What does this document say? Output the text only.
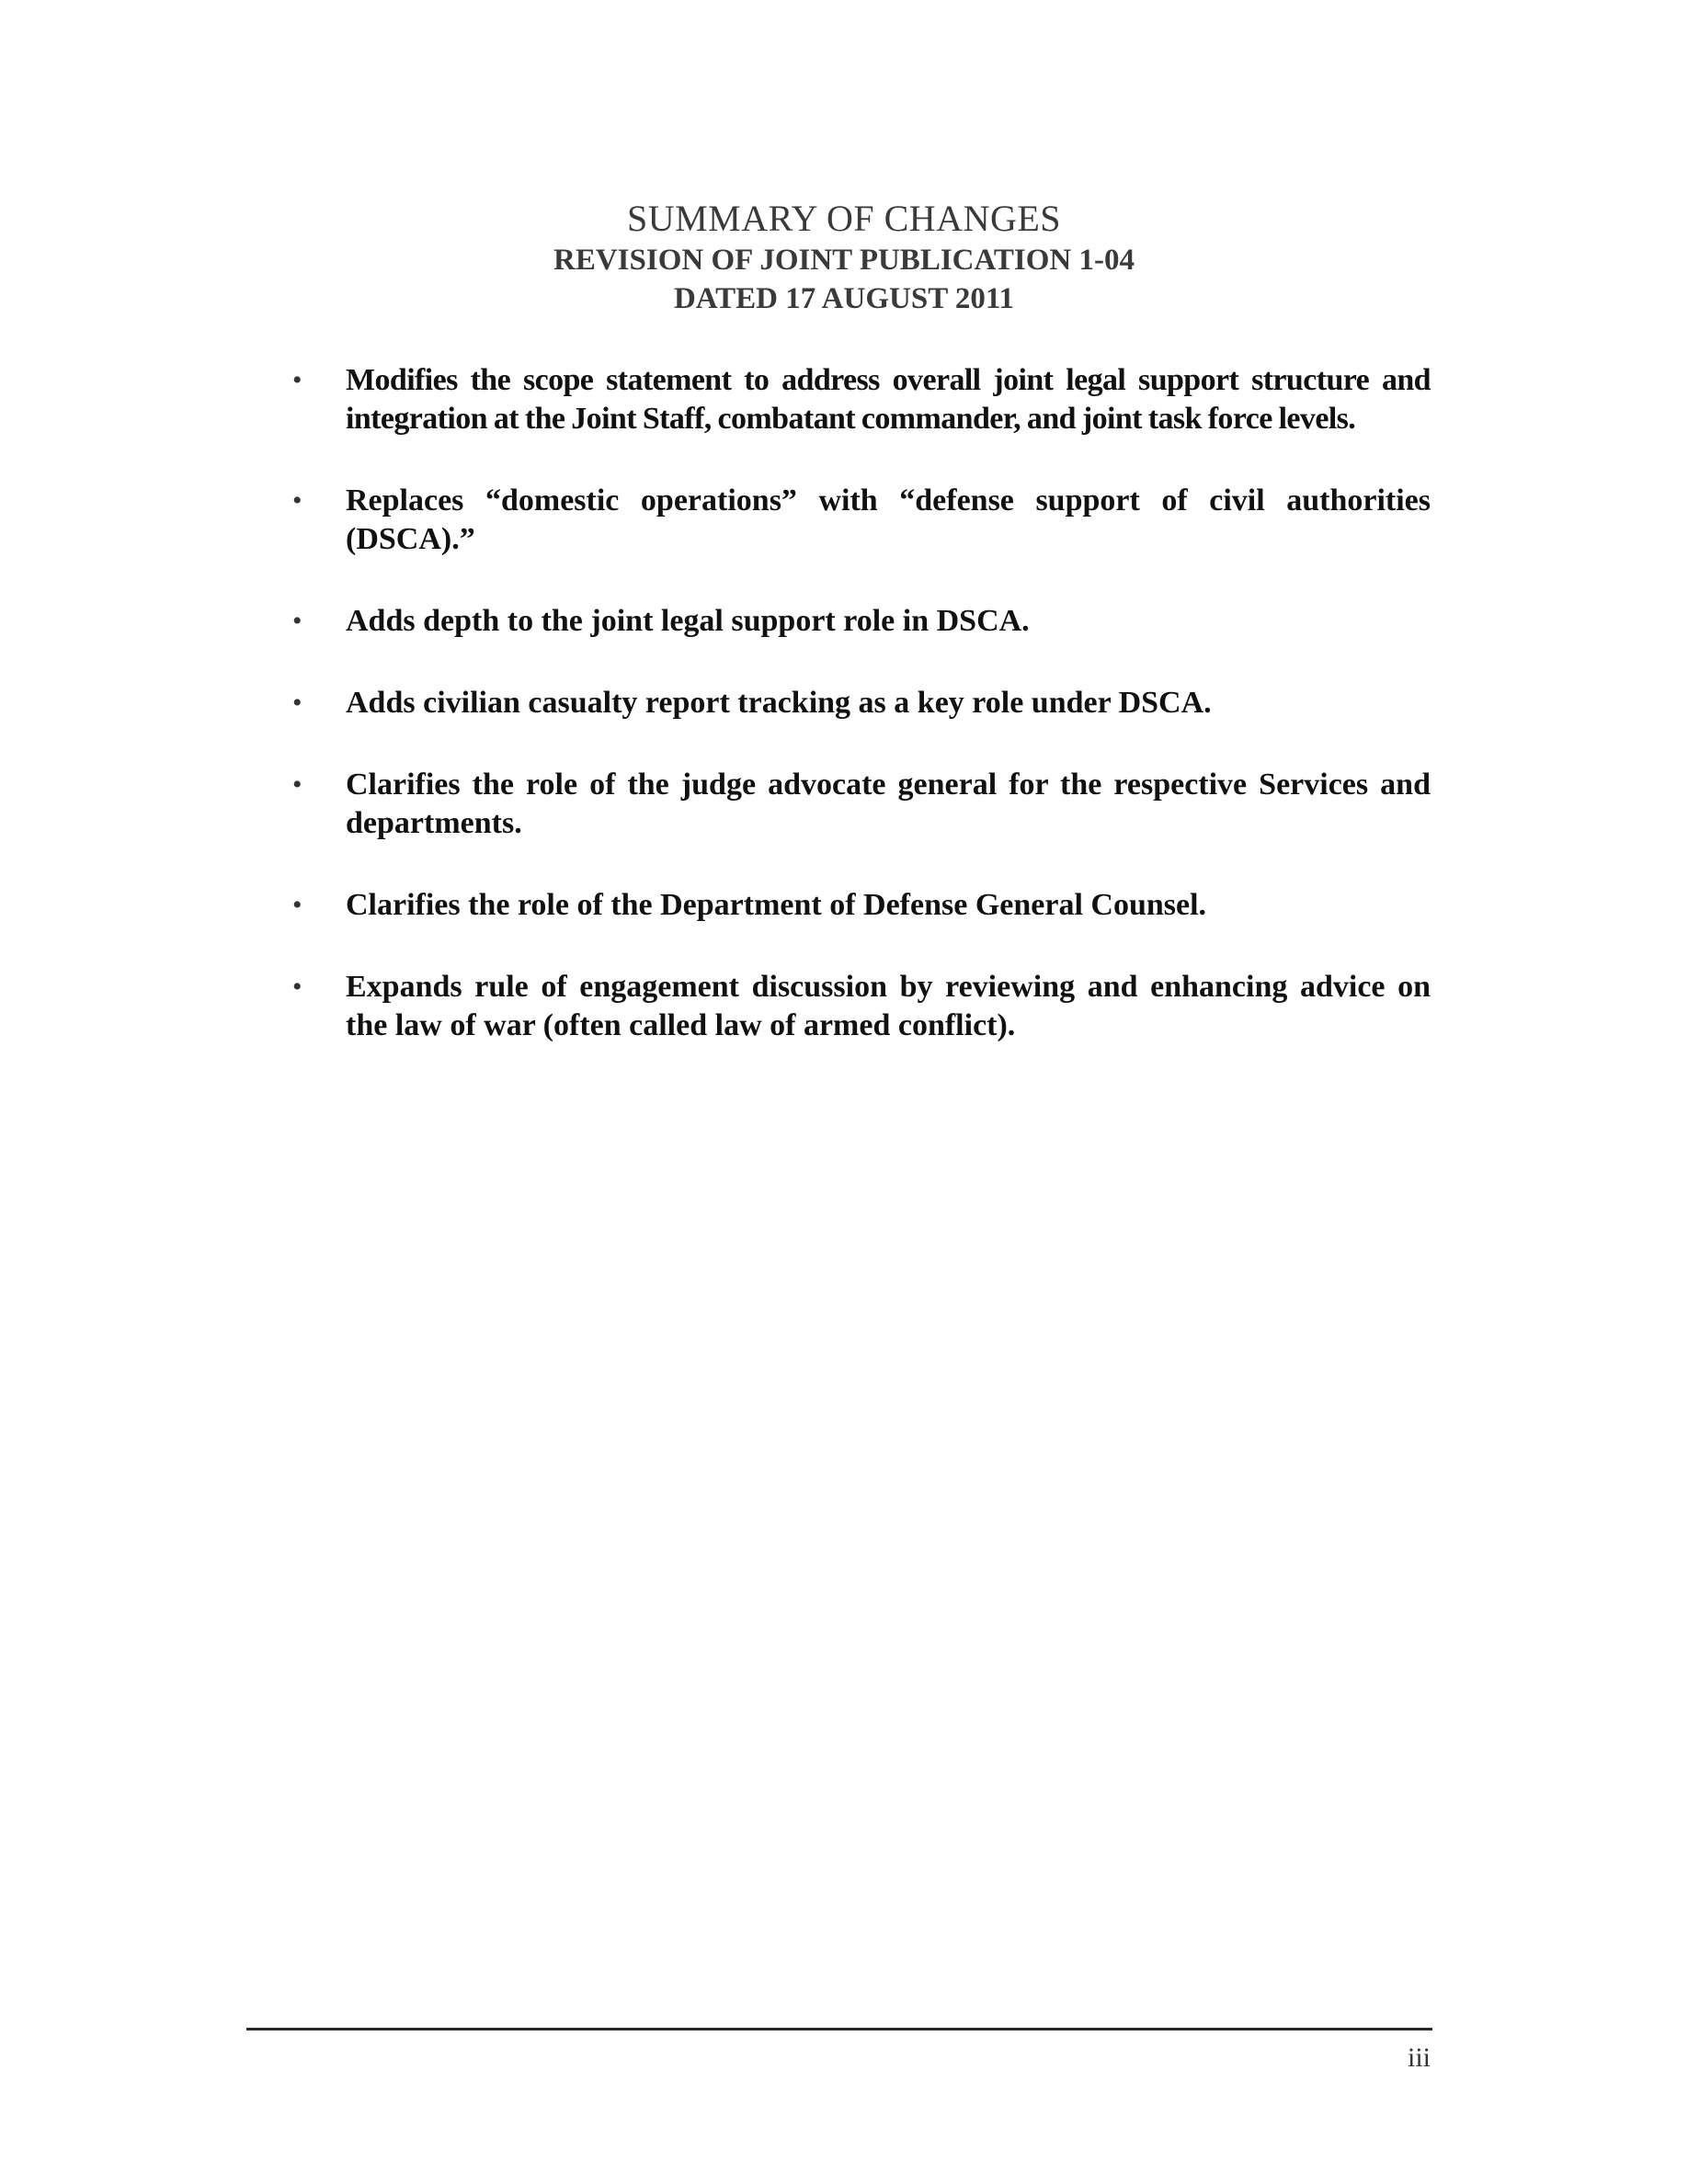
SUMMARY OF CHANGES
REVISION OF JOINT PUBLICATION 1-04
DATED 17 AUGUST 2011
• Modifies the scope statement to address overall joint legal support structure and integration at the Joint Staff, combatant commander, and joint task force levels.
• Replaces “domestic operations” with “defense support of civil authorities (DSCA).”
• Adds depth to the joint legal support role in DSCA.
• Adds civilian casualty report tracking as a key role under DSCA.
• Clarifies the role of the judge advocate general for the respective Services and departments.
• Clarifies the role of the Department of Defense General Counsel.
• Expands rule of engagement discussion by reviewing and enhancing advice on the law of war (often called law of armed conflict).
iii
